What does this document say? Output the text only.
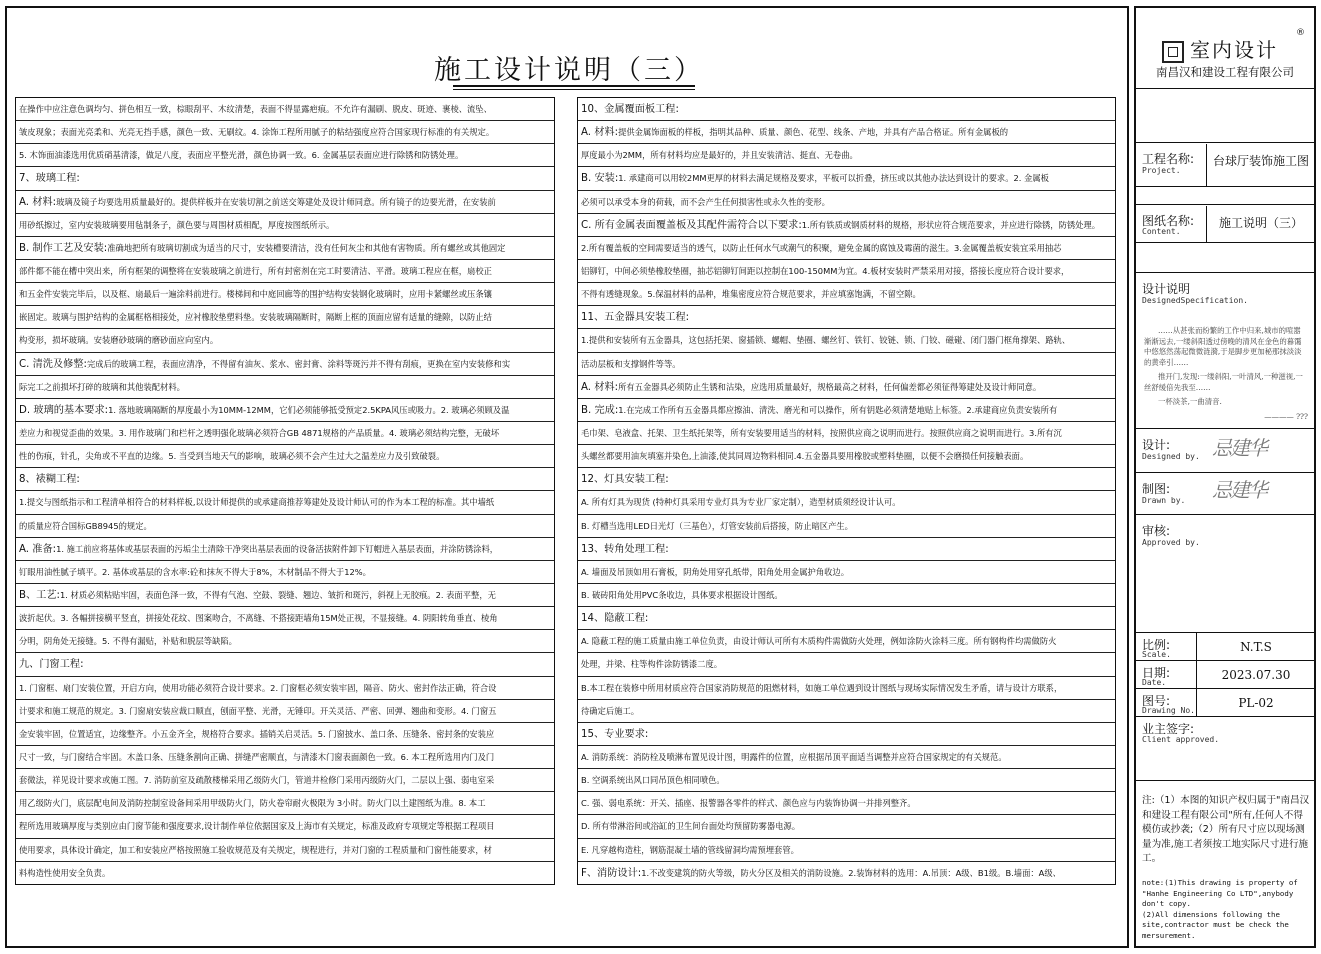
施工设计说明（三）
在操作中应注意色调均匀、拼色相互一致，棕眼刮平、木纹清楚，表面不得显露疤痕。不允许有漏刷、脱皮、斑迹、裹棱、流坠、
皱皮现象；表面光亮柔和、光亮无挡手感，颜色一致、无刷纹。4. 涂饰工程所用腻子的粘结强度应符合国家现行标准的有关规定。
5. 木饰面油漆选用优质硝基清漆，做足八度，表面应平整光滑，颜色协调一致。6. 金属基层表面应进行除锈和防锈处理。
7、玻璃工程:
A. 材料:玻璃及镜子均要选用质量最好的。提供样板并在安装切割之前送交筹建处及设计师同意。所有镜子的边要光滑，在安装前
用砂纸擦过，室内安装玻璃要用毡制条子，颜色要与周围材质相配，厚度按图纸所示。
B. 制作工艺及安装:准确地把所有玻璃切割成为适当的尺寸，安装槽要清洁，没有任何灰尘和其他有害物质。所有螺丝或其他固定
部件都不能在槽中突出来，所有框架的调整将在安装玻璃之前进行，所有封密剂在完工时要清洁、平滑。玻璃工程应在框，扇校正
和五金件安装完毕后，以及框、扇最后一遍涂料前进行。楼梯间和中庭回廊等的围护结构安装钢化玻璃时，应用卡紧螺丝或压条镶
嵌固定。玻璃与围护结构的金属框格相接处，应衬橡胶垫塑料垫。安装玻璃隔断时，隔断上框的顶面应留有适量的缝隙，以防止结
构变形，损坏玻璃。安装磨砂玻璃的磨砂面应向室内。
C. 清洗及修整:完成后的玻璃工程，表面应清净，不得留有油灰、浆水、密封膏、涂料等斑污并不得有刮痕，更换在室内安装修和实
际完工之前损坏打碎的玻璃和其他装配材料。
D. 玻璃的基本要求:1. 落地玻璃隔断的厚度最小为10MM-12MM，它们必须能够抵受预定2.5KPA风压或吸力。2. 玻璃必须顾及温
差应力和视觉歪曲的效果。3. 用作玻璃门和栏杆之透明强化玻璃必须符合GB 4871规格的产品质量。4. 玻璃必须结构完整，无破坏
性的伤痕，针孔，尖角或不平直的边缘。5. 当受到当地天气的影响，玻璃必须不会产生过大之温差应力及引致破裂。
8、裱糊工程:
1.提交与图纸指示和工程清单相符合的材料样板,以设计师提供的或承建商推荐筹建处及设计师认可的作为本工程的标准。其中墙纸
的质量应符合国标GB8945的规定。
A. 准备:1. 施工前应将基体或基层表面的污垢尘土清除干净突出基层表面的设备活拔附件卸下钉帽进入基层表面，并涂防锈涂料，
钉眼用油性腻子填平。2. 基体或基层的含水率:砼和抹灰不得大于8%，木材制品不得大于12%。
B、工艺:1. 材质必须粘贴牢固，表面色泽一致，不得有气泡、空鼓、裂缝、翘边、皱折和斑污，斜视上无胶痕。2. 表面平整，无
波折起伏。3. 各幅拼接横平竖直，拼接处花纹、图案吻合，不离缝、不搭接距墙角15M处正视，不显接缝。4. 阴阳转角垂直、棱角
分明，阴角处无接缝。5. 不得有漏贴，补贴和脱层等缺陷。
九、门窗工程:
1. 门窗框、扇门安装位置，开启方向，使用功能必须符合设计要求。2. 门窗框必须安装牢固，隔音、防火、密封作法正确，符合设
计要求和施工规范的规定。3. 门窗扇安装应裁口顺直，刨面平整、光滑，无锤印。开关灵活、严密、回弹、翘曲和变形。4. 门窗五
金安装牢固，位置适宜，边缘整齐。小五金齐全，规格符合要求。插销关启灵活。5. 门窗披水、盖口条、压缝条、密封条的安装应
尺寸一致，与门窗结合牢固。木盖口条、压缝条割向正确、拼缝严密顺直，与清漆木门窗表面颜色一致。6. 本工程所选用内门及门
套微法，祥见设计要求或施工图。7. 消防前室及疏散楼梯采用乙级防火门，管道井检修门采用丙级防火门，二层以上强、弱电室采
用乙级防火门，底层配电间及消防控制室设备间采用甲级防火门，防火卷帘耐火极限为 3小时。防火门以土建图纸为准。8. 本工
程所选用玻璃厚度与类别应由门窗节能和强度要求,设计制作单位依据国家及上海市有关规定，标准及政府专项规定等根据工程项目
使用要求，具体设计确定，加工和安装应严格按照施工验收规范及有关规定，规程进行，并对门窗的工程质量和门窗性能要求，材
料构造性使用安全负责。
10、金属覆面板工程:
A. 材料:提供金属饰面板的样板，指明其品种、质量、颜色、花型、线条、产地，并具有产品合格证。所有金属板的
厚度最小为2MM，所有材料均应是最好的，并且安装清洁、挺直、无卷曲。
B. 安装:1. 承建商可以用较2MM更厚的材料去满足规格及要求，平板可以折叠，挤压或以其他办法达到设计的要求。2. 金属板
必须可以承受本身的荷载，而不会产生任何损害性或永久性的变形。
C. 所有金属表面覆盖板及其配件需符合以下要求:1.所有铁质或钢质材料的规格，形状应符合规范要求，并应进行除锈，防锈处理。
2.所有覆盖板的空间需要适当的透气，以防止任何水气或潮气的积聚，避免金属的腐蚀及霉菌的滋生。3.金属覆盖板安装宜采用抽芯
铝铆钉，中间必须垫橡胶垫圈，抽芯铝铆钉间距以控制在100-150MM为宜。4.板材安装时严禁采用对接，搭接长度应符合设计要求，
不得有透缝现象。5.保温材料的品种，堆集密度应符合规范要求，并应填塞饱满，不留空隙。
11、五金器具安装工程:
1.提供和安装所有五金器具，这包括托架、窗插锁、螺帽、垫圈、螺丝钉、铁钉、铰链、锁、门铰、磁碰、闭门器门框角撑架、路轨、
活动层板和支撑钢件等等。
A. 材料:所有五金器具必须防止生锈和沾染，应选用质量最好，规格最高之材料，任何偏差都必须征得筹建处及设计师同意。
B. 完成:1.在完成工作所有五金器具都应擦油、清洗、磨光和可以操作，所有钥匙必须清楚地贴上标签。2.承建商应负责安装所有
毛巾架、皂液盒、托架、卫生纸托架等，所有安装要用适当的材料，按照供应商之说明而进行。按照供应商之说明而进行。3.所有沉
头螺丝都要用油灰填塞并染色,上油漆,使其同周边物料相同.4.五金器具要用橡胶或塑料垫圈，以便不会磨损任何接触表面。
12、灯具安装工程:
A. 所有灯具为现货 (特种灯具采用专业灯具为专业厂家定制），造型材质须经设计认可。
B. 灯槽当选用LED日光灯（三基色），灯管安装前后搭接，防止暗区产生。
13、转角处理工程:
A. 墙面及吊顶如用石膏板，阴角处用穿孔纸带，阳角处用金属护角收边。
B. 破砖阳角处用PVC条收边，具体要求根据设计图纸。
14、隐蔽工程:
A. 隐蔽工程的施工质量由施工单位负责，由设计师认可所有木质构件需做防火处理，例如涂防火涂料三度。所有钢构件均需做防火
处理，并梁、柱等构件涂防锈漆二度。
B.本工程在装修中所用材质应符合国家消防规范的阻燃材料，如施工单位遇到设计图纸与现场实际情况发生矛盾，请与设计方联系，
待确定后施工。
15、专业要求:
A. 消防系统：消防栓及喷淋布置见设计图，明露件的位置，应根据吊顶平面适当调整并应符合国家规定的有关规范。
B. 空调系统出风口同吊顶色相同喷色。
C. 强、弱电系统：开关、插座、报警器各零件的样式、颜色应与内装饰协调一并排列整齐。
D. 所有带淋浴间或浴缸的卫生间台面处均预留防雾器电源。
E. 凡穿越构造柱，钢筋混凝土墙的管线留洞均需预埋套管。
F、消防设计:1.不改变建筑的防火等级，防火分区及相关的消防设施。2.装饰材料的选用：A.吊顶：A级、B1级。B.墙面：A级、
室内设计
®
南昌汉和建设工程有限公司
工程名称:
Project.
台球厅装饰施工图
图纸名称:
Content.
施工说明（三）
设计说明
DesignedSpecification.

……从甚张而纷繁的工作中归来,城市的喧嚣渐渐远去,一缕斜阳透过傍晚的清风在金色的暮霭中悠悠然荡起微微涟漪,于是脚步更加秘那抹淡淡的黄牵引……

推开门,发现:一缕斜阳,一叶清风,一种滋视,一丝舒缓倍先我至……

一杯淡茶,一曲清音.

———— ???
设计:
Designed by. 忌建华
制图:
Drawn by. 忌建华
审核:
Approved by.
比例:
Scale.
N.T.S
日期:
Date.
2023.07.30
图号:
Drawing No.
PL-02
业主签字:
Client approved.
注:（1）本图的知识产权归属于"南昌汉和建设工程有限公司"所有,任何人不得模仿或抄袭;（2）所有尺寸应以现场测量为准,施工者须按工地实际尺寸进行施工。
note:(1)This drawing is property of "Hanhe Engineering Co LTD",anybody don't copy.
(2)All dimensions following the site,contractor must be check the mersurement.
